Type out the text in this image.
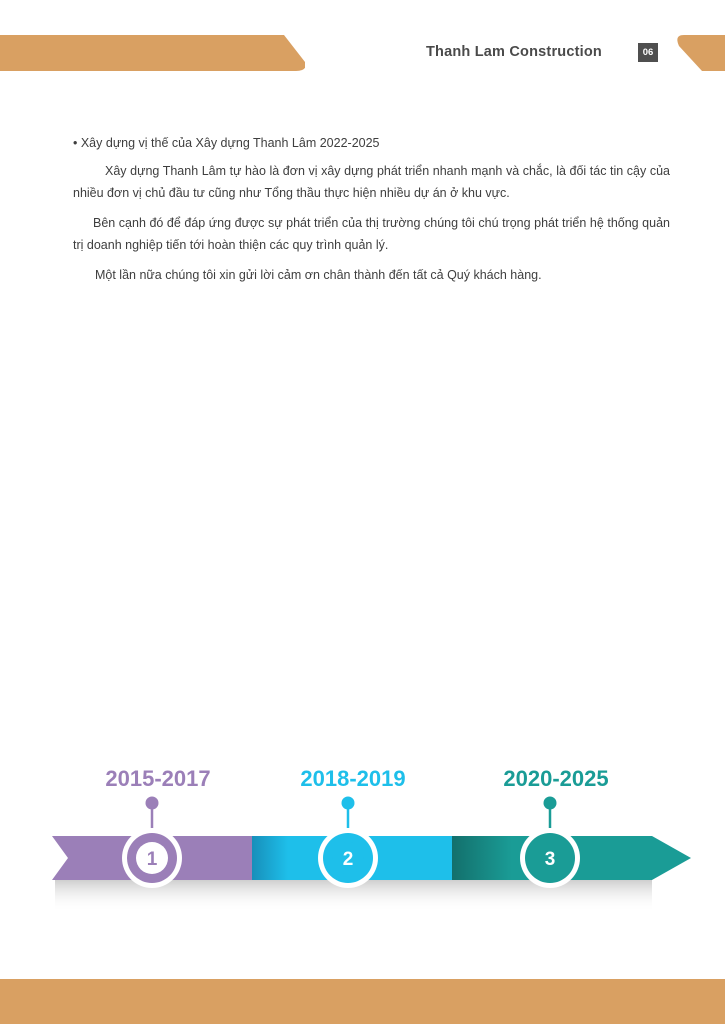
Thanh Lam Construction	06

• Xây dựng vị thế của Xây dựng Thanh Lâm 2022-2025

Xây dựng Thanh Lâm tự hào là đơn vị xây dựng phát triển nhanh mạnh và chắc, là đối tác tin cậy của nhiều đơn vị chủ đầu tư cũng như Tổng thầu thực hiện nhiều dự án ở khu vực.

Bên cạnh đó để đáp ứng được sự phát triển của thị trường chúng tôi chú trọng phát triển hệ thống quản trị doanh nghiệp tiến tới hoàn thiện các quy trình quản lý.

Một lần nữa chúng tôi xin gửi lời cảm ơn chân thành đến tất cả Quý khách hàng.

2015-2017
1
2018-2019
2
2020-2025
3
